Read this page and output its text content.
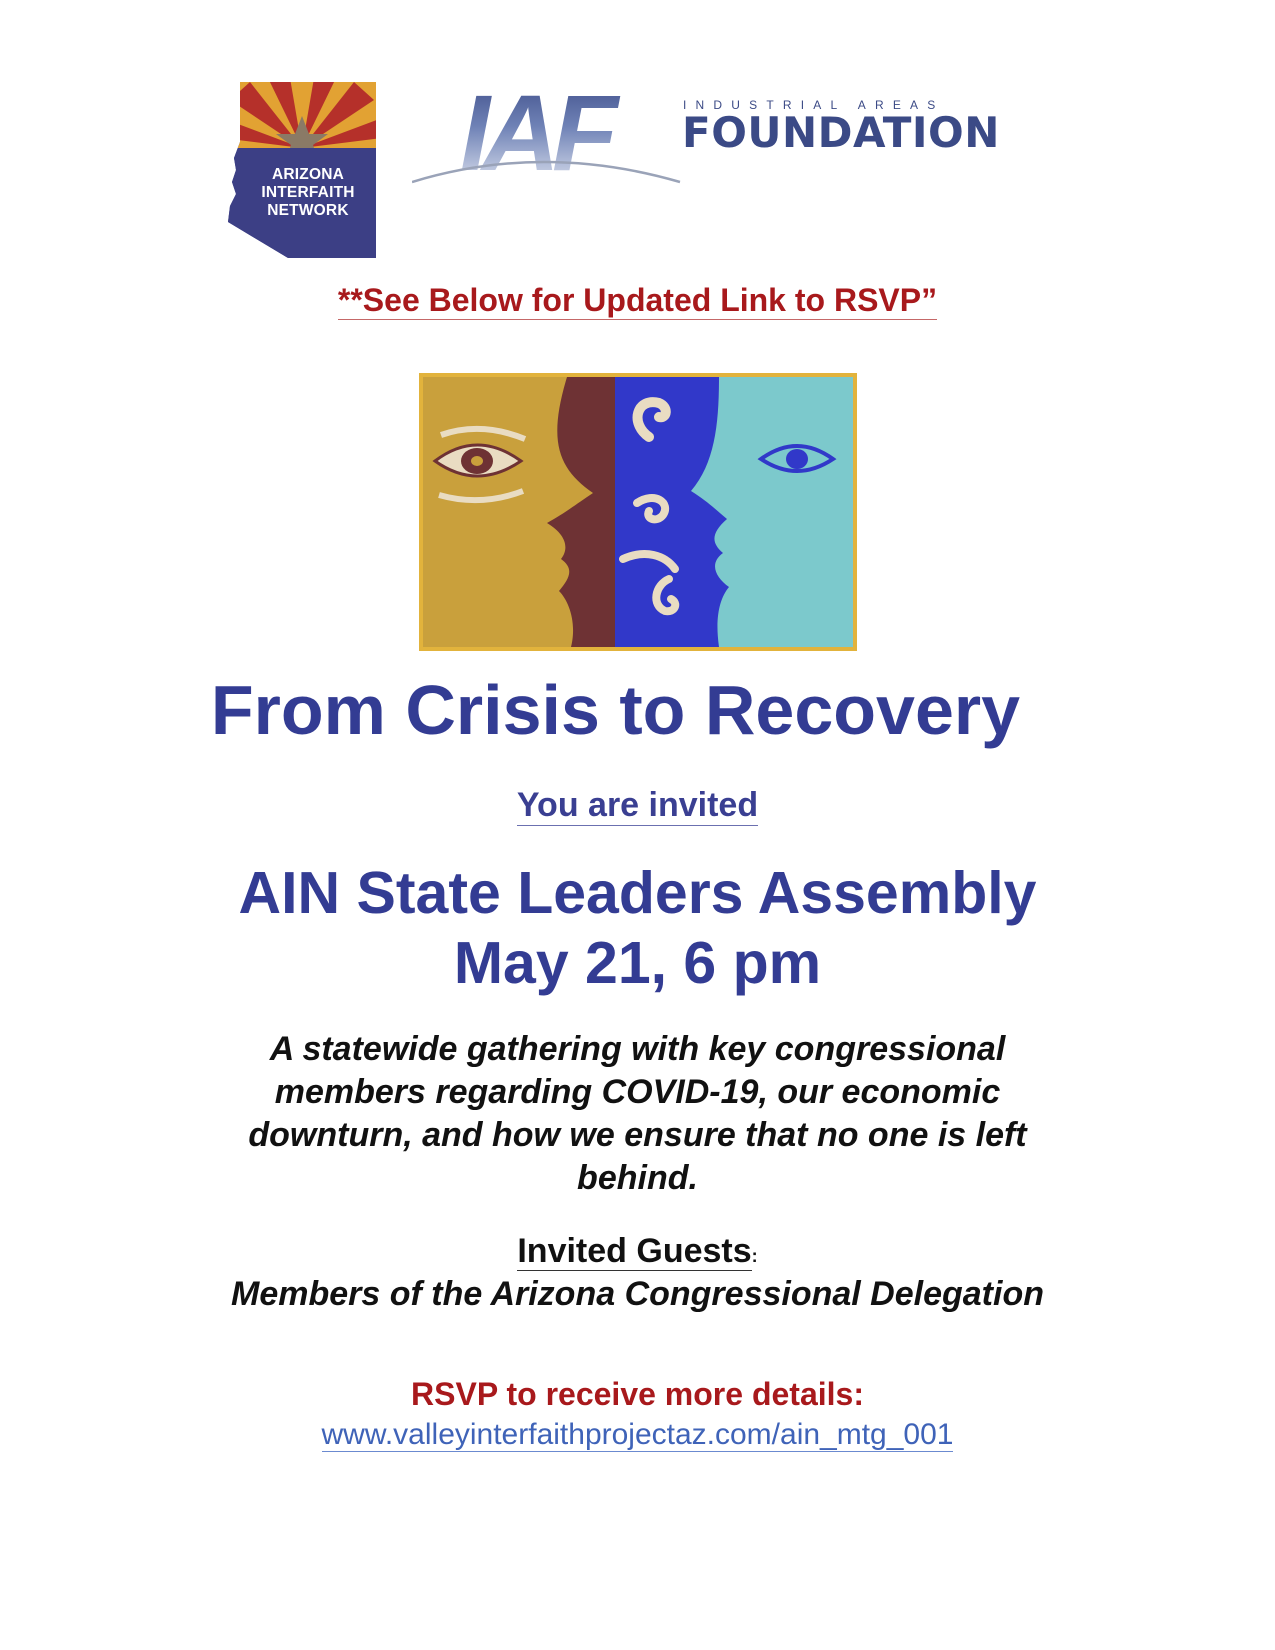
ARIZONA
INTERFAITH
NETWORK
IAF	INDUSTRIAL AREAS
FOUNDATION
**See Below for Updated Link to RSVP”
From Crisis to Recovery
You are invited
AIN State Leaders Assembly
May 21, 6 pm
A statewide gathering with key congressional members regarding COVID-19, our economic downturn, and how we ensure that no one is left behind.
Invited Guests:
Members of the Arizona Congressional Delegation
RSVP to receive more details:
www.valleyinterfaithprojectaz.com/ain_mtg_001
